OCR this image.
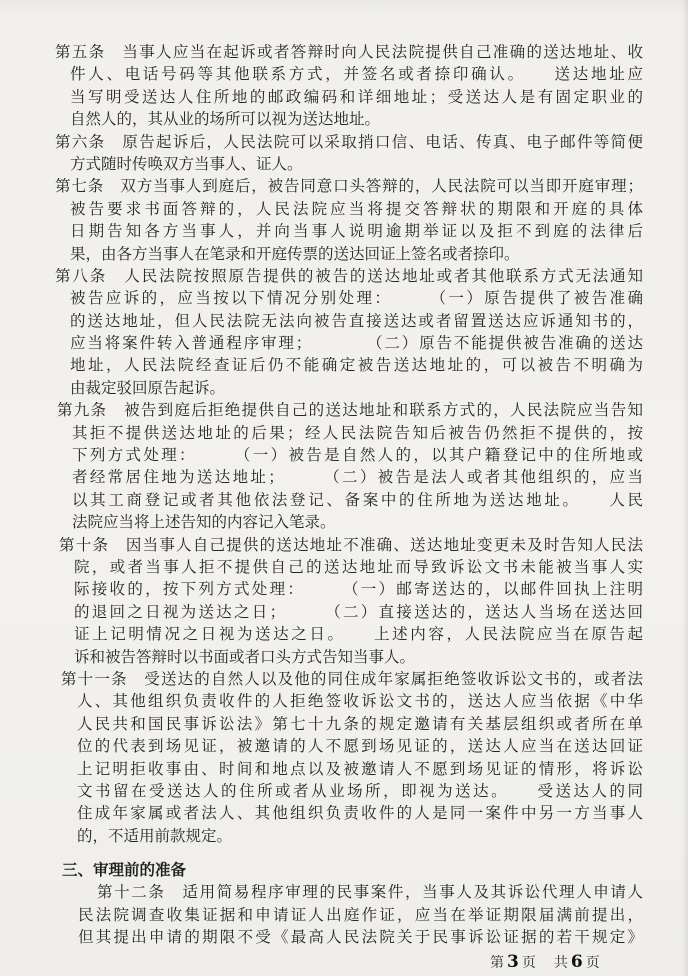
第五条　当事人应当在起诉或者答辩时向人民法院提供自己准确的送达地址、收
件人、电话号码等其他联系方式，并签名或者捺印确认。　　送达地址应
当写明受送达人住所地的邮政编码和详细地址；受送达人是有固定职业的
自然人的，其从业的场所可以视为送达地址。
第六条　原告起诉后，人民法院可以采取捎口信、电话、传真、电子邮件等简便
方式随时传唤双方当事人、证人。
第七条　双方当事人到庭后，被告同意口头答辩的，人民法院可以当即开庭审理；
被告要求书面答辩的，人民法院应当将提交答辩状的期限和开庭的具体
日期告知各方当事人，并向当事人说明逾期举证以及拒不到庭的法律后
果，由各方当事人在笔录和开庭传票的送达回证上签名或者捺印。
第八条　人民法院按照原告提供的被告的送达地址或者其他联系方式无法通知
被告应诉的，应当按以下情况分别处理：　　　（一）原告提供了被告准确
的送达地址，但人民法院无法向被告直接送达或者留置送达应诉通知书的，
应当将案件转入普通程序审理；　　　　（二）原告不能提供被告准确的送达
地址，人民法院经查证后仍不能确定被告送达地址的，可以被告不明确为
由裁定驳回原告起诉。
第九条　被告到庭后拒绝提供自己的送达地址和联系方式的，人民法院应当告知
其拒不提供送达地址的后果；经人民法院告知后被告仍然拒不提供的，按
下列方式处理：　　　（一）被告是自然人的，以其户籍登记中的住所地或
者经常居住地为送达地址；　　　（二）被告是法人或者其他组织的，应当
以其工商登记或者其他依法登记、备案中的住所地为送达地址。　　人民
法院应当将上述告知的内容记入笔录。
第十条　因当事人自己提供的送达地址不准确、送达地址变更未及时告知人民法
院，或者当事人拒不提供自己的送达地址而导致诉讼文书未能被当事人实
际接收的，按下列方式处理：　　　（一）邮寄送达的，以邮件回执上注明
的退回之日视为送达之日；　　　（二）直接送达的，送达人当场在送达回
证上记明情况之日视为送达之日。　　上述内容，人民法院应当在原告起
诉和被告答辩时以书面或者口头方式告知当事人。
第十一条　受送达的自然人以及他的同住成年家属拒绝签收诉讼文书的，或者法
人、其他组织负责收件的人拒绝签收诉讼文书的，送达人应当依据《中华
人民共和国民事诉讼法》第七十九条的规定邀请有关基层组织或者所在单
位的代表到场见证，被邀请的人不愿到场见证的，送达人应当在送达回证
上记明拒收事由、时间和地点以及被邀请人不愿到场见证的情形，将诉讼
文书留在受送达人的住所或者从业场所，即视为送达。　　受送达人的同
住成年家属或者法人、其他组织负责收件的人是同一案件中另一方当事人
的，不适用前款规定。
三、审理前的准备
第十二条　适用简易程序审理的民事案件，当事人及其诉讼代理人申请人
民法院调查收集证据和申请证人出庭作证，应当在举证期限届满前提出，
但其提出申请的期限不受《最高人民法院关于民事诉讼证据的若干规定》
第 3 页 共 6 页
